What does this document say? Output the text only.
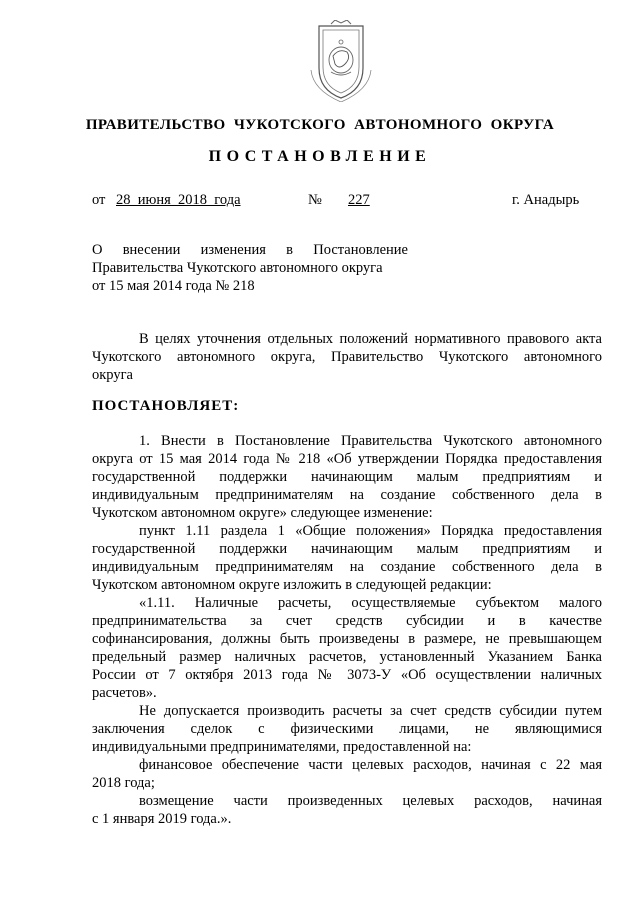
ПРАВИТЕЛЬСТВО  ЧУКОТСКОГО  АВТОНОМНОГО  ОКРУГА
ПОСТАНОВЛЕНИЕ
от 28  июня  2018  года	№	227	г. Анадырь
О внесении изменения в Постановление
Правительства Чукотского автономного округа
от 15 мая 2014 года № 218
В целях уточнения отдельных положений нормативного правового акта
Чукотского автономного округа, Правительство Чукотского автономного
округа
ПОСТАНОВЛЯЕТ:
1. Внести в Постановление Правительства Чукотского автономного
округа от 15 мая 2014 года № 218 «Об утверждении Порядка предоставления
государственной поддержки начинающим малым предприятиям и
индивидуальным предпринимателям на создание собственного дела в
Чукотском автономном округе» следующее изменение:
пункт 1.11 раздела 1 «Общие положения» Порядка предоставления
государственной поддержки начинающим малым предприятиям и
индивидуальным предпринимателям на создание собственного дела в
Чукотском автономном округе изложить в следующей редакции:
«1.11. Наличные расчеты, осуществляемые субъектом малого
предпринимательства за счет средств субсидии и в качестве
софинансирования, должны быть произведены в размере, не превышающем
предельный размер наличных расчетов, установленный Указанием Банка
России от 7 октября 2013 года № 3073-У «Об осуществлении наличных
расчетов».
Не допускается производить расчеты за счет средств субсидии путем
заключения сделок с физическими лицами, не являющимися
индивидуальными предпринимателями, предоставленной на:
финансовое обеспечение части целевых расходов, начиная с 22 мая
2018 года;
возмещение части произведенных целевых расходов, начиная
с 1 января 2019 года.».
